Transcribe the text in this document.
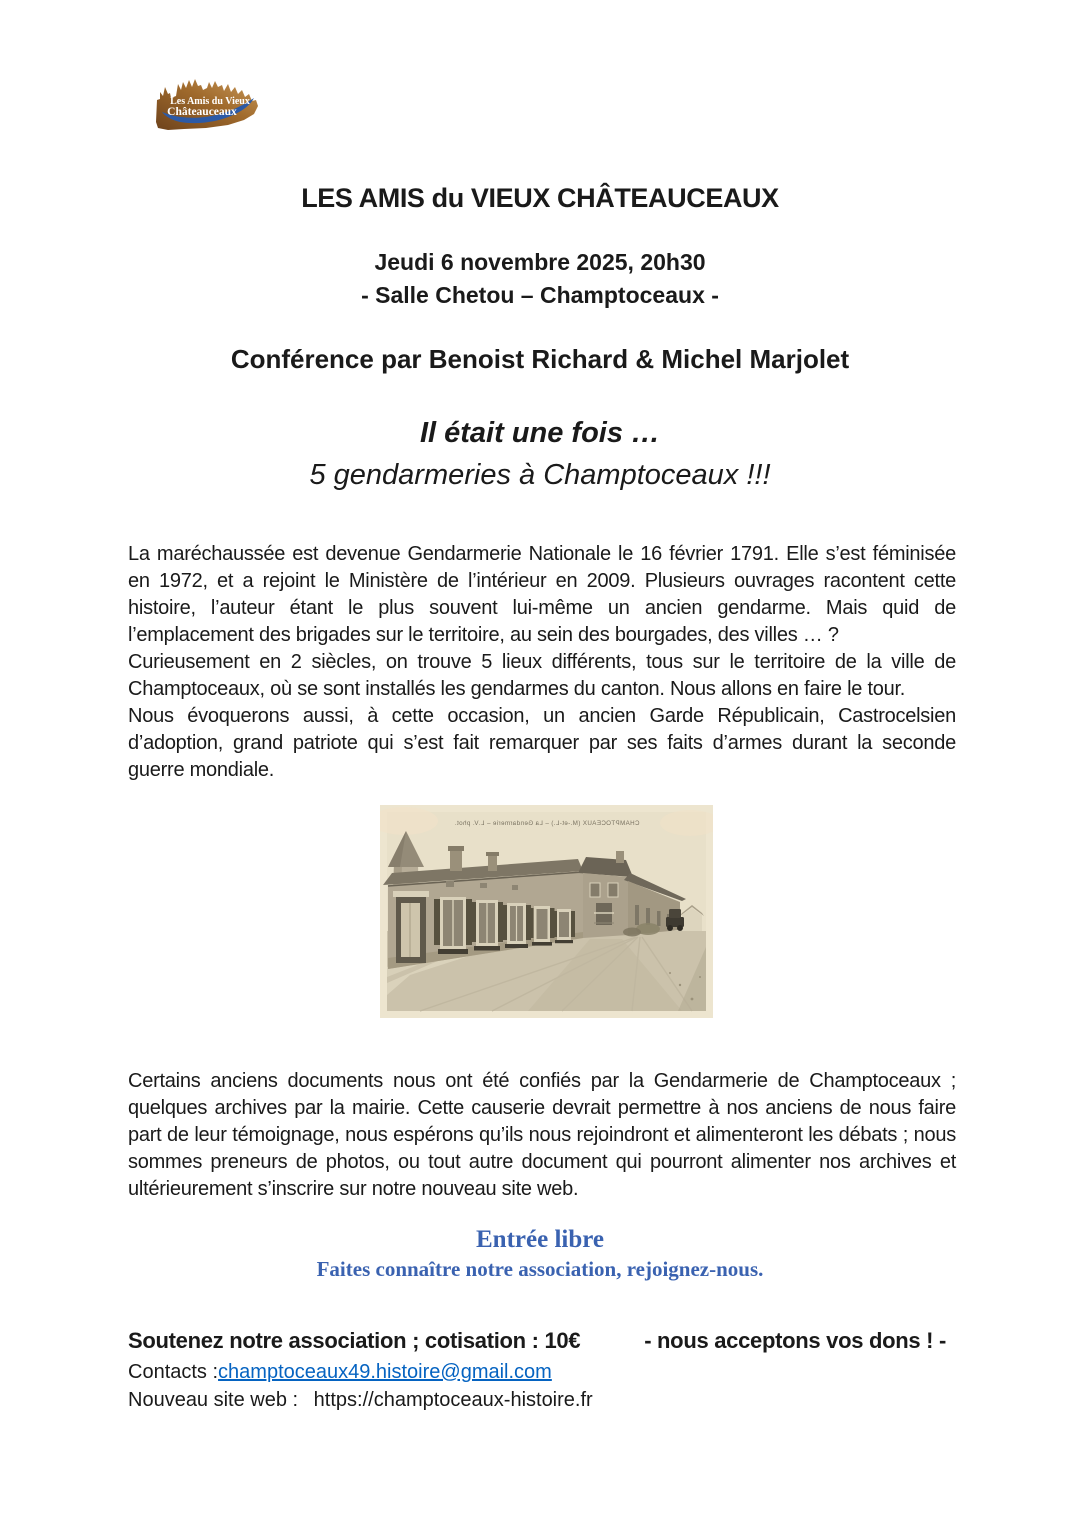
Les Amis du Vieux
Châteauceaux
LES AMIS du VIEUX CHÂTEAUCEAUX
Jeudi 6 novembre 2025, 20h30
- Salle Chetou – Champtoceaux -
Conférence par Benoist Richard & Michel Marjolet
Il était une fois …
5 gendarmeries à Champtoceaux !!!

La maréchaussée est devenue Gendarmerie Nationale le 16 février 1791. Elle s’est féminisée en 1972, et a rejoint le Ministère de l’intérieur en 2009. Plusieurs ouvrages racontent cette histoire, l’auteur étant le plus souvent lui-même un ancien gendarme. Mais quid de l’emplacement des brigades sur le territoire, au sein des bourgades, des villes … ?

Curieusement en 2 siècles, on trouve 5 lieux différents, tous sur le territoire de la ville de Champtoceaux, où se sont installés les gendarmes du canton. Nous allons en faire le tour.

Nous évoquerons aussi, à cette occasion, un ancien Garde Républicain, Castrocelsien d’adoption, grand patriote qui s’est fait remarquer par ses faits d’armes durant la seconde guerre mondiale.

CHAMPTOCEAUX (M.-et-L.) – La Gendarmerie – L.V. phot.

Certains anciens documents nous ont été confiés par la Gendarmerie de Champtoceaux ; quelques archives par la mairie. Cette causerie devrait permettre à nos anciens de nous faire part de leur témoignage, nous espérons qu’ils nous rejoindront et alimenteront les débats ; nous sommes preneurs de photos, ou tout autre document qui pourront alimenter nos archives et ultérieurement s’inscrire sur notre nouveau site web.

Entrée libre
Faites connaître notre association, rejoignez-nous.
Soutenez notre association ; cotisation : 10€	- nous acceptons vos dons ! -
Contacts :champtoceaux49.histoire@gmail.com
Nouveau site web : https://champtoceaux-histoire.fr
